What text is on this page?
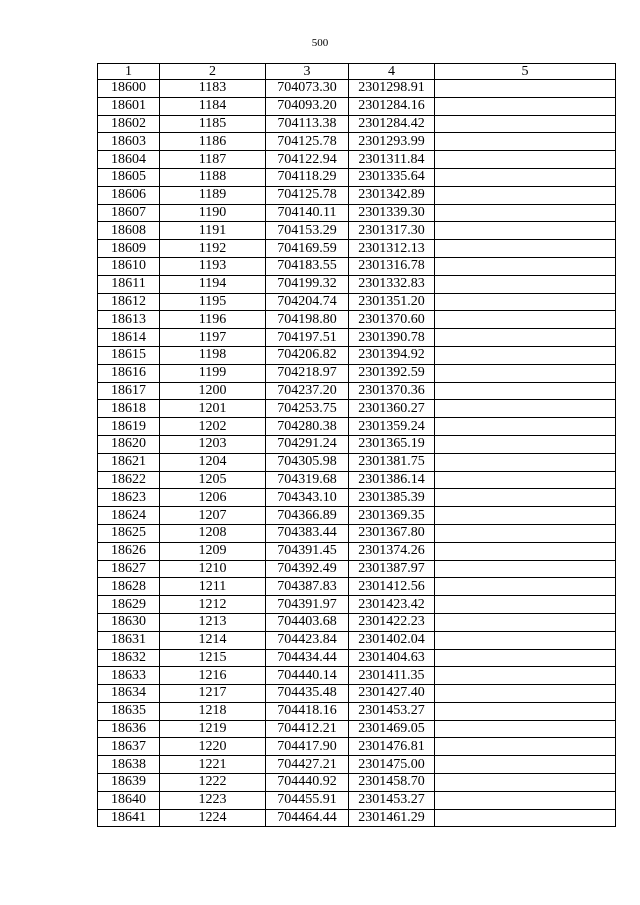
500
1	2	3	4	5
18600	1183	704073.30	2301298.91	
18601	1184	704093.20	2301284.16	
18602	1185	704113.38	2301284.42	
18603	1186	704125.78	2301293.99	
18604	1187	704122.94	2301311.84	
18605	1188	704118.29	2301335.64	
18606	1189	704125.78	2301342.89	
18607	1190	704140.11	2301339.30	
18608	1191	704153.29	2301317.30	
18609	1192	704169.59	2301312.13	
18610	1193	704183.55	2301316.78	
18611	1194	704199.32	2301332.83	
18612	1195	704204.74	2301351.20	
18613	1196	704198.80	2301370.60	
18614	1197	704197.51	2301390.78	
18615	1198	704206.82	2301394.92	
18616	1199	704218.97	2301392.59	
18617	1200	704237.20	2301370.36	
18618	1201	704253.75	2301360.27	
18619	1202	704280.38	2301359.24	
18620	1203	704291.24	2301365.19	
18621	1204	704305.98	2301381.75	
18622	1205	704319.68	2301386.14	
18623	1206	704343.10	2301385.39	
18624	1207	704366.89	2301369.35	
18625	1208	704383.44	2301367.80	
18626	1209	704391.45	2301374.26	
18627	1210	704392.49	2301387.97	
18628	1211	704387.83	2301412.56	
18629	1212	704391.97	2301423.42	
18630	1213	704403.68	2301422.23	
18631	1214	704423.84	2301402.04	
18632	1215	704434.44	2301404.63	
18633	1216	704440.14	2301411.35	
18634	1217	704435.48	2301427.40	
18635	1218	704418.16	2301453.27	
18636	1219	704412.21	2301469.05	
18637	1220	704417.90	2301476.81	
18638	1221	704427.21	2301475.00	
18639	1222	704440.92	2301458.70	
18640	1223	704455.91	2301453.27	
18641	1224	704464.44	2301461.29	
